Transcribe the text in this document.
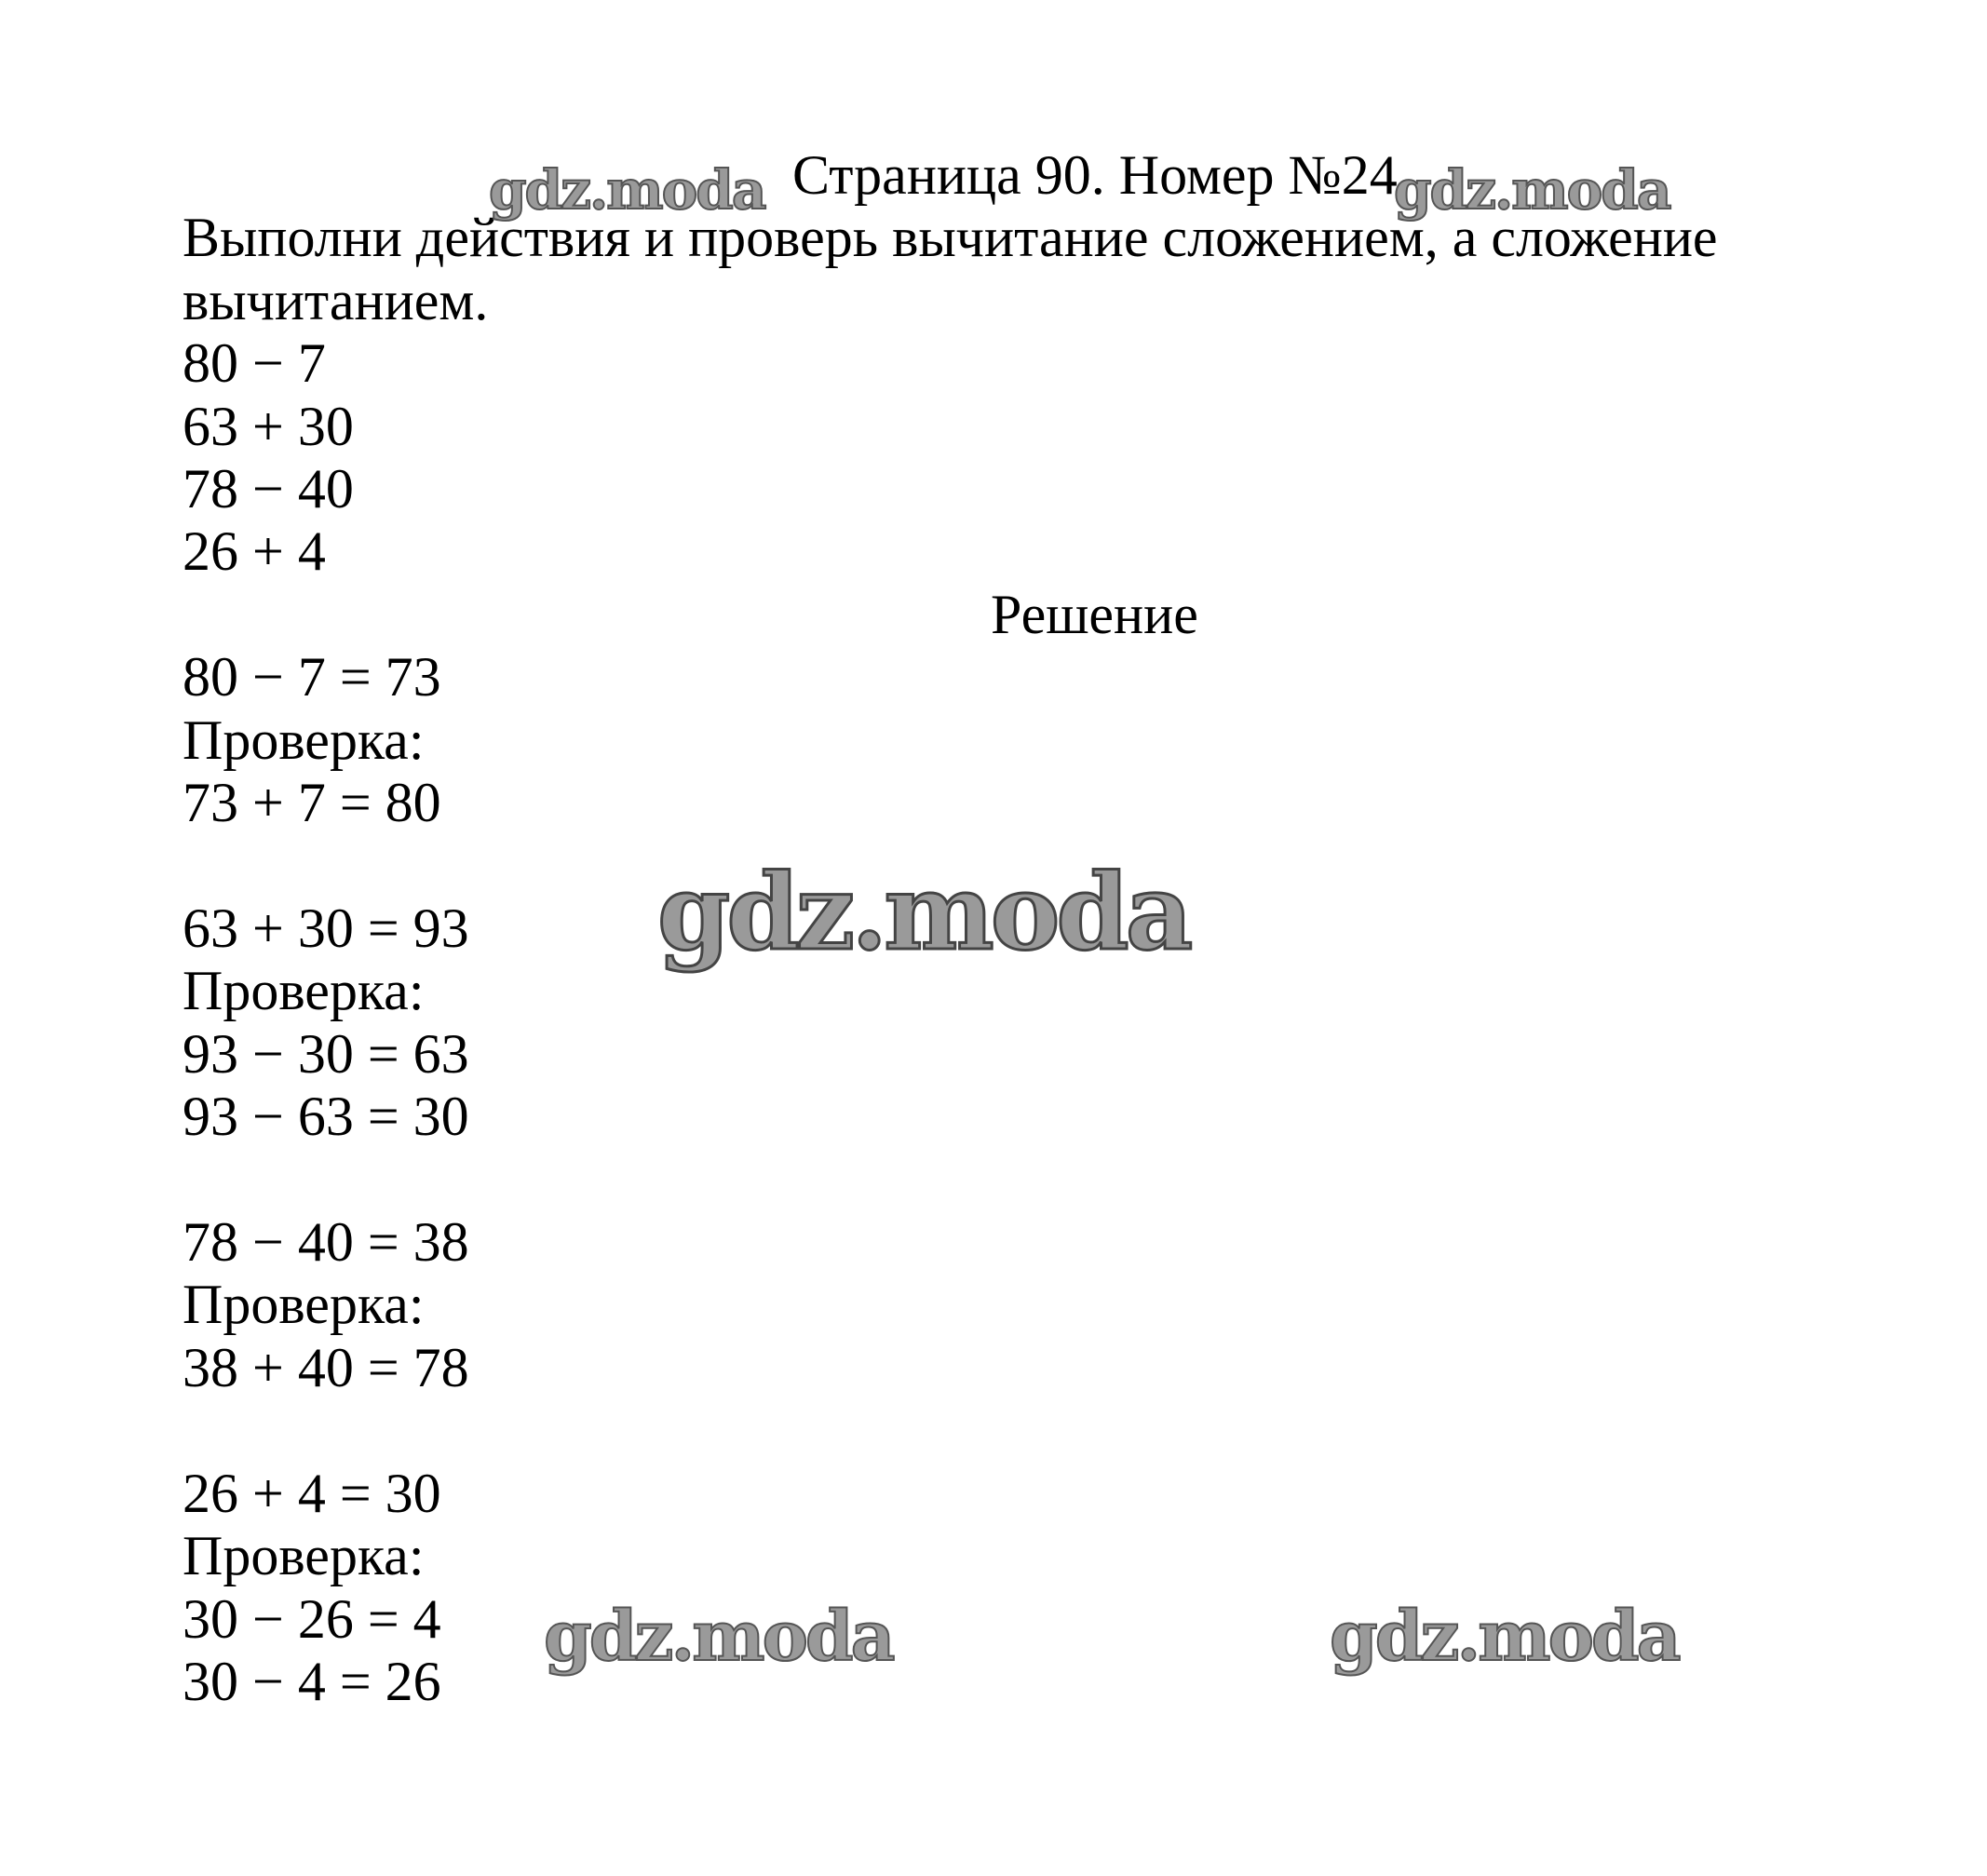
Страница 90. Номер №24
Выполни действия и проверь вычитание сложением, а сложение
вычитанием.
80 − 7
63 + 30
78 − 40
26 + 4
Решение
80 − 7 = 73
Проверка:
73 + 7 = 80
63 + 30 = 93
Проверка:
93 − 30 = 63
93 − 63 = 30
78 − 40 = 38
Проверка:
38 + 40 = 78
26 + 4 = 30
Проверка:
30 − 26 = 4
30 − 4 = 26
gdz.moda	gdz.moda
gdz.moda
gdz.moda	gdz.moda
